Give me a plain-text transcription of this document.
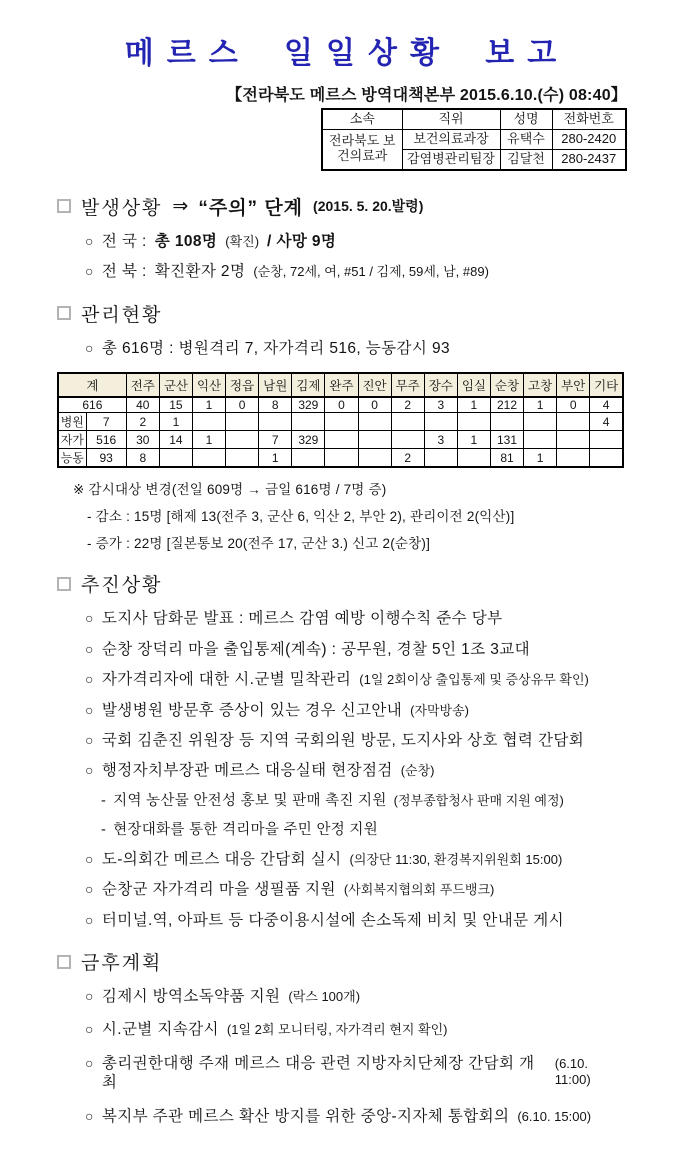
메르스 일일상황 보고
【전라북도 메르스 방역대책본부 2015.6.10.(수) 08:40】
소속	직위	성명	전화번호
전라북도 보건의료과	보건의료과장	유택수	280-2420
	감염병관리팀장	김달천	280-2437
발생상황 ⇒ “주의” 단계 (2015. 5. 20.발령)
○ 전 국 : 총 108명 (확진) / 사망 9명
○ 전 북 : 확진환자 2명 (순창, 72세, 여, #51 / 김제, 59세, 남, #89)
관리현황
○ 총 616명 : 병원격리 7, 자가격리 516, 능동감시 93
계		전주	군산	익산	정읍	남원	김제	완주	진안	무주	장수	임실	순창	고창	부안	기타
616		40	15	1	0	8	329	0	0	2	3	1	212	1	0	4
병원	7	2	1													4
자가	516	30	14	1		7	329				3	1	131			
능동	93	8				1				2			81	1		
※ 감시대상 변경(전일 609명 → 금일 616명 / 7명 증)
- 감소 : 15명 [해제 13(전주 3, 군산 6, 익산 2, 부안 2), 관리이전 2(익산)]
- 증가 : 22명 [질본통보 20(전주 17, 군산 3.) 신고 2(순창)]
추진상황
○ 도지사 담화문 발표 : 메르스 감염 예방 이행수칙 준수 당부
○ 순창 장덕리 마을 출입통제(계속) : 공무원, 경찰 5인 1조 3교대
○ 자가격리자에 대한 시.군별 밀착관리 (1일 2회이상 출입통제 및 증상유무 확인)
○ 발생병원 방문후 증상이 있는 경우 신고안내 (자막방송)
○ 국회 김춘진 위원장 등 지역 국회의원 방문, 도지사와 상호 협력 간담회
○ 행정자치부장관 메르스 대응실태 현장점검 (순창)
- 지역 농산물 안전성 홍보 및 판매 촉진 지원 (정부종합청사 판매 지원 예정)
- 현장대화를 통한 격리마을 주민 안정 지원
○ 도-의회간 메르스 대응 간담회 실시 (의장단 11:30, 환경복지위원회 15:00)
○ 순창군 자가격리 마을 생필품 지원 (사회복지협의회 푸드뱅크)
○ 터미널.역, 아파트 등 다중이용시설에 손소독제 비치 및 안내문 게시
금후계획
○ 김제시 방역소독약품 지원 (락스 100개)
○ 시.군별 지속감시 (1일 2회 모니터링, 자가격리 현지 확인)
○ 총리권한대행 주재 메르스 대응 관련 지방자치단체장 간담회 개최
(6.10. 11:00)
○ 복지부 주관 메르스 확산 방지를 위한 중앙-지자체 통합회의 (6.10. 15:00)
